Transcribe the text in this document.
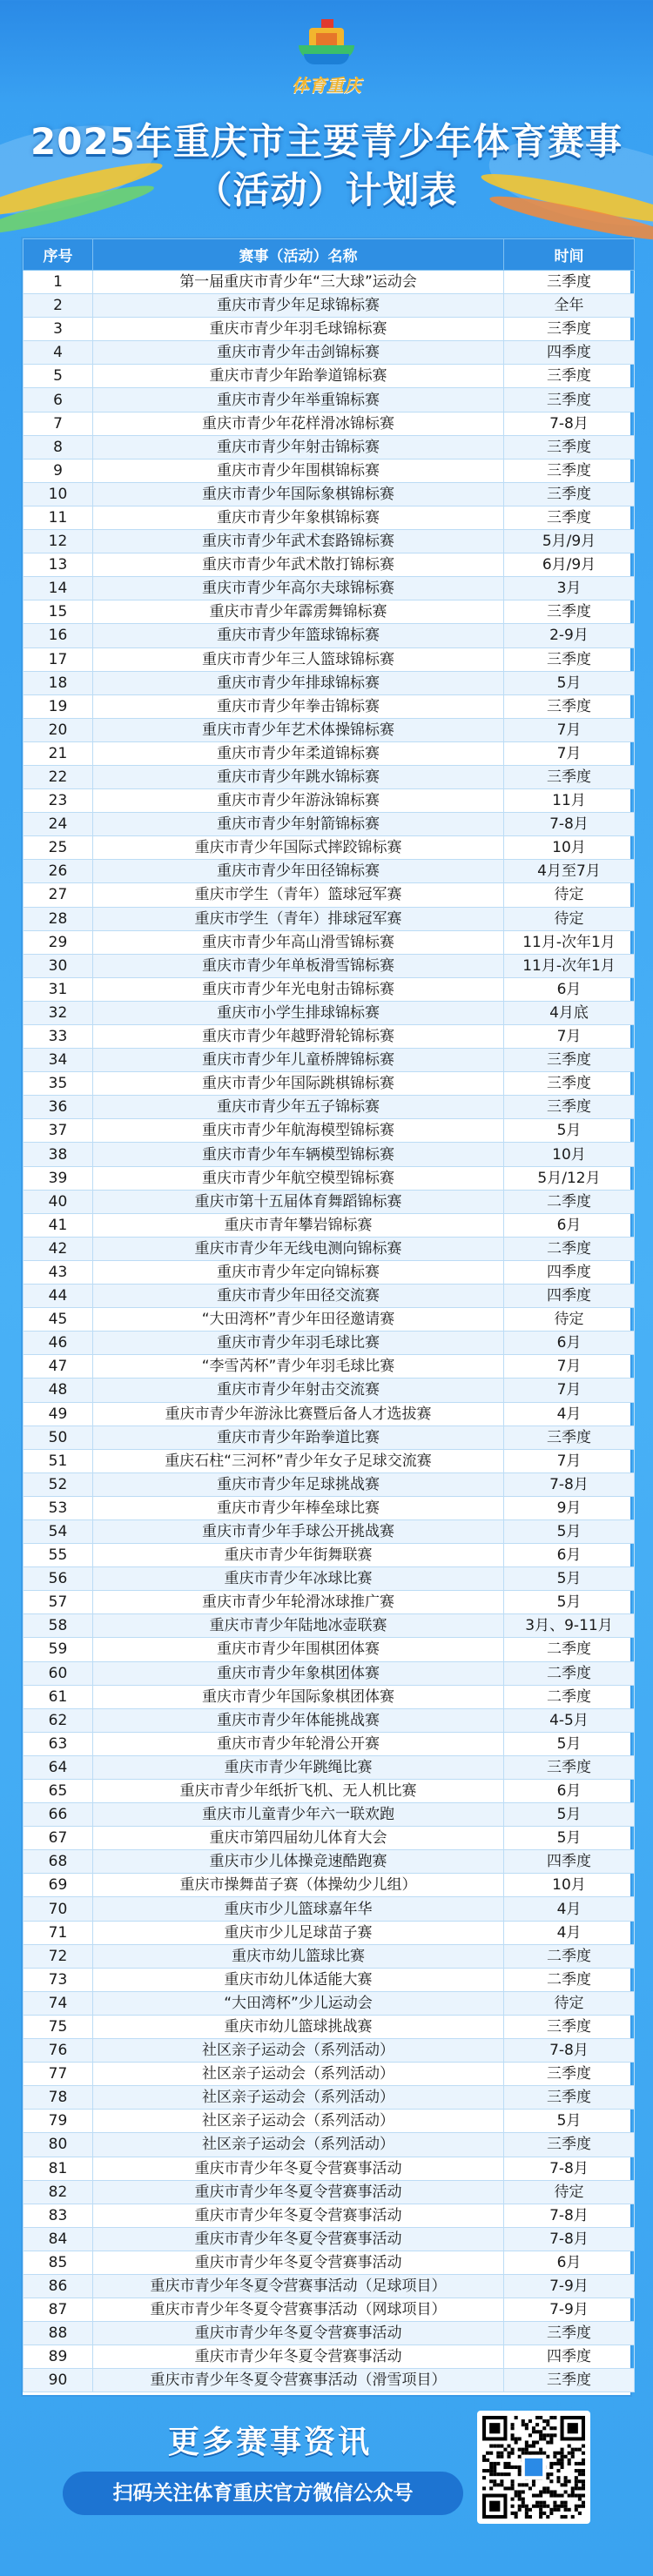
体育重庆
2025年重庆市主要青少年体育赛事
（活动）计划表
序号	赛事（活动）名称	时间
1	第一届重庆市青少年“三大球”运动会	三季度
2	重庆市青少年足球锦标赛	全年
3	重庆市青少年羽毛球锦标赛	三季度
4	重庆市青少年击剑锦标赛	四季度
5	重庆市青少年跆拳道锦标赛	三季度
6	重庆市青少年举重锦标赛	三季度
7	重庆市青少年花样滑冰锦标赛	7-8月
8	重庆市青少年射击锦标赛	三季度
9	重庆市青少年围棋锦标赛	三季度
10	重庆市青少年国际象棋锦标赛	三季度
11	重庆市青少年象棋锦标赛	三季度
12	重庆市青少年武术套路锦标赛	5月/9月
13	重庆市青少年武术散打锦标赛	6月/9月
14	重庆市青少年高尔夫球锦标赛	3月
15	重庆市青少年霹雳舞锦标赛	三季度
16	重庆市青少年篮球锦标赛	2-9月
17	重庆市青少年三人篮球锦标赛	三季度
18	重庆市青少年排球锦标赛	5月
19	重庆市青少年拳击锦标赛	三季度
20	重庆市青少年艺术体操锦标赛	7月
21	重庆市青少年柔道锦标赛	7月
22	重庆市青少年跳水锦标赛	三季度
23	重庆市青少年游泳锦标赛	11月
24	重庆市青少年射箭锦标赛	7-8月
25	重庆市青少年国际式摔跤锦标赛	10月
26	重庆市青少年田径锦标赛	4月至7月
27	重庆市学生（青年）篮球冠军赛	待定
28	重庆市学生（青年）排球冠军赛	待定
29	重庆市青少年高山滑雪锦标赛	11月-次年1月
30	重庆市青少年单板滑雪锦标赛	11月-次年1月
31	重庆市青少年光电射击锦标赛	6月
32	重庆市小学生排球锦标赛	4月底
33	重庆市青少年越野滑轮锦标赛	7月
34	重庆市青少年儿童桥牌锦标赛	三季度
35	重庆市青少年国际跳棋锦标赛	三季度
36	重庆市青少年五子锦标赛	三季度
37	重庆市青少年航海模型锦标赛	5月
38	重庆市青少年车辆模型锦标赛	10月
39	重庆市青少年航空模型锦标赛	5月/12月
40	重庆市第十五届体育舞蹈锦标赛	二季度
41	重庆市青年攀岩锦标赛	6月
42	重庆市青少年无线电测向锦标赛	二季度
43	重庆市青少年定向锦标赛	四季度
44	重庆市青少年田径交流赛	四季度
45	“大田湾杯”青少年田径邀请赛	待定
46	重庆市青少年羽毛球比赛	6月
47	“李雪芮杯”青少年羽毛球比赛	7月
48	重庆市青少年射击交流赛	7月
49	重庆市青少年游泳比赛暨后备人才选拔赛	4月
50	重庆市青少年跆拳道比赛	三季度
51	重庆石柱“三河杯”青少年女子足球交流赛	7月
52	重庆市青少年足球挑战赛	7-8月
53	重庆市青少年棒垒球比赛	9月
54	重庆市青少年手球公开挑战赛	5月
55	重庆市青少年街舞联赛	6月
56	重庆市青少年冰球比赛	5月
57	重庆市青少年轮滑冰球推广赛	5月
58	重庆市青少年陆地冰壶联赛	3月、9-11月
59	重庆市青少年围棋团体赛	二季度
60	重庆市青少年象棋团体赛	二季度
61	重庆市青少年国际象棋团体赛	二季度
62	重庆市青少年体能挑战赛	4-5月
63	重庆市青少年轮滑公开赛	5月
64	重庆市青少年跳绳比赛	三季度
65	重庆市青少年纸折飞机、无人机比赛	6月
66	重庆市儿童青少年六一联欢跑	5月
67	重庆市第四届幼儿体育大会	5月
68	重庆市少儿体操竞速酷跑赛	四季度
69	重庆市操舞苗子赛（体操幼少儿组）	10月
70	重庆市少儿篮球嘉年华	4月
71	重庆市少儿足球苗子赛	4月
72	重庆市幼儿篮球比赛	二季度
73	重庆市幼儿体适能大赛	二季度
74	“大田湾杯”少儿运动会	待定
75	重庆市幼儿篮球挑战赛	三季度
76	社区亲子运动会（系列活动）	7-8月
77	社区亲子运动会（系列活动）	三季度
78	社区亲子运动会（系列活动）	三季度
79	社区亲子运动会（系列活动）	5月
80	社区亲子运动会（系列活动）	三季度
81	重庆市青少年冬夏令营赛事活动	7-8月
82	重庆市青少年冬夏令营赛事活动	待定
83	重庆市青少年冬夏令营赛事活动	7-8月
84	重庆市青少年冬夏令营赛事活动	7-8月
85	重庆市青少年冬夏令营赛事活动	6月
86	重庆市青少年冬夏令营赛事活动（足球项目）	7-9月
87	重庆市青少年冬夏令营赛事活动（网球项目）	7-9月
88	重庆市青少年冬夏令营赛事活动	三季度
89	重庆市青少年冬夏令营赛事活动	四季度
90	重庆市青少年冬夏令营赛事活动（滑雪项目）	三季度
更多赛事资讯
扫码关注体育重庆官方微信公众号
